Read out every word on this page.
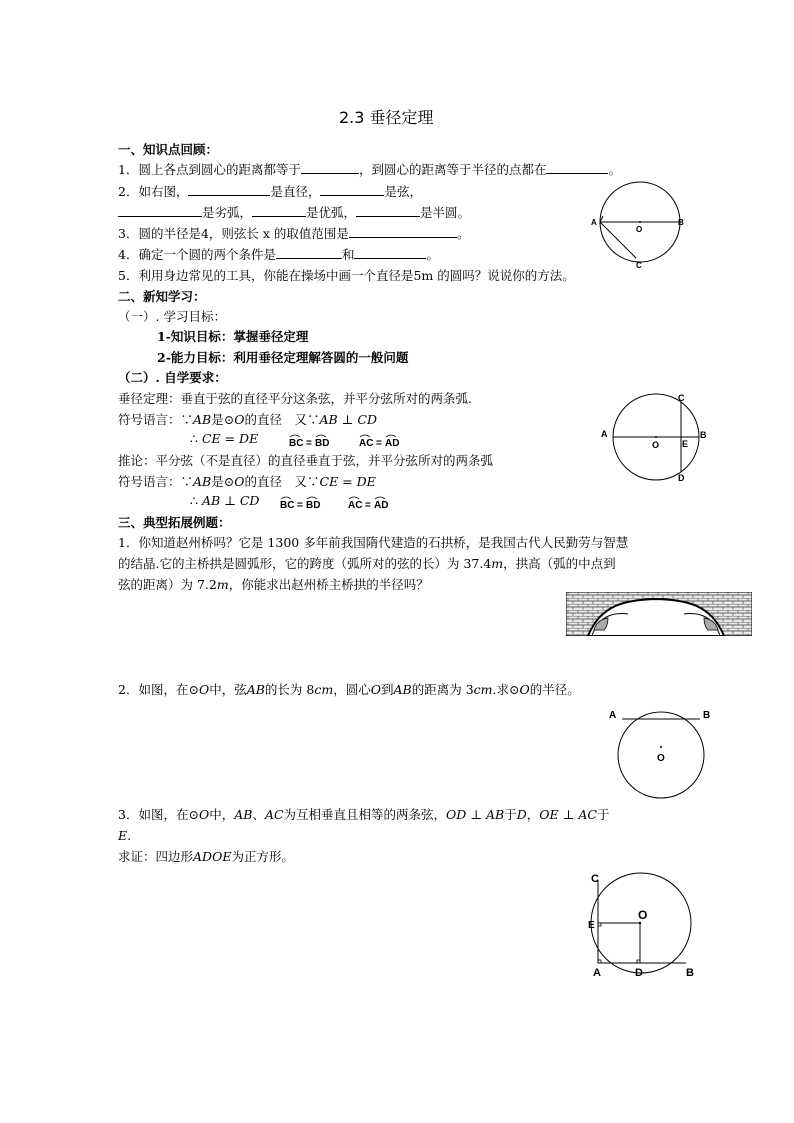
2.3 垂径定理
一、知识点回顾：
1．圆上各点到圆心的距离都等于	，到圆心的距离等于半径的点都在	。
2．如右图，	是直径，	是弦，
是劣弧，	是优弧，	是半圆。
3．圆的半径是4，则弦长 x 的取值范围是	。
4．确定一个圆的两个条件是	和	。
5．利用身边常见的工具，你能在操场中画一个直径是5m 的圆吗？说说你的方法。
二、新知学习：
（一）. 学习目标：
1-知识目标：掌握垂径定理
2-能力目标：利用垂径定理解答圆的一般问题
（二）. 自学要求：
垂径定理：垂直于弦的直径平分这条弦，并平分弦所对的两条弧.
符号语言：∵AB是⊙O的直径　又∵AB ⊥ CD
∴ CE = DE	BC = BD
	AC = AD
推论：平分弦（不是直径）的直径垂直于弦，并平分弦所对的两条弧
符号语言：∵AB是⊙O的直径　又∵CE = DE
∴ AB ⊥ CD BC = BD
	AC = AD
三、典型拓展例题：
1．你知道赵州桥吗？它是 1300 多年前我国隋代建造的石拱桥，是我国古代人民勤劳与智慧
的结晶.它的主桥拱是圆弧形，它的跨度（弧所对的弦的长）为 37.4m，拱高（弧的中点到
弦的距离）为 7.2m，你能求出赵州桥主桥拱的半径吗？
2．如图，在⊙O中，弦AB的长为 8cm，圆心O到AB的距离为 3cm.求⊙O的半径。
3．如图，在⊙O中，AB、AC为互相垂直且相等的两条弦，OD ⊥ AB于D，OE ⊥ AC于
E.
求证：四边形ADOE为正方形。
A	B
O
C
A	B
C
D
E
O
A	B
O
C
E
O
A	D	B
